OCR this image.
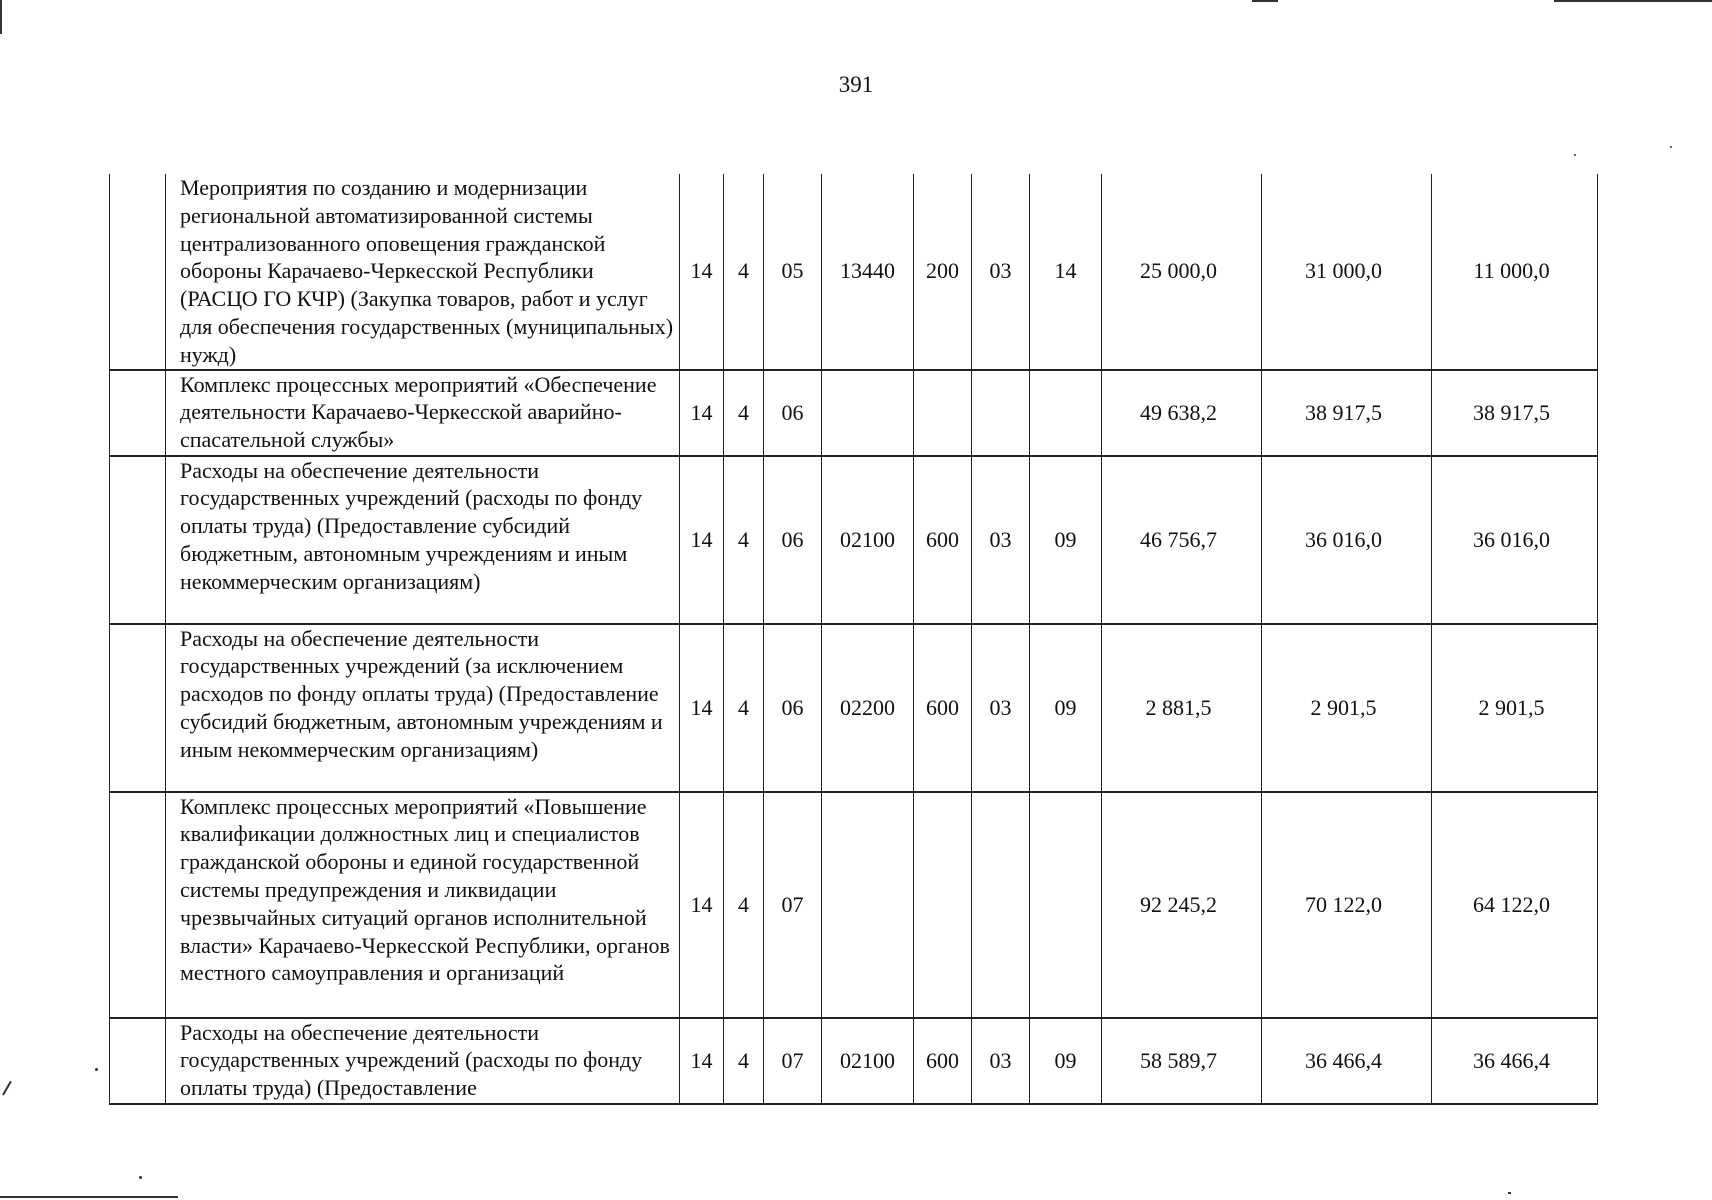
391
	Мероприятия по созданию и модернизации региональной автоматизированной системы централизованного оповещения гражданской обороны Карачаево-Черкесской Республики (РАСЦО ГО КЧР) (Закупка товаров, работ и услуг для обеспечения государственных (муниципальных) нужд)	14	4	05	13440	200	03	14	25 000,0	31 000,0	11 000,0
	Комплекс процессных мероприятий «Обеспечение деятельности Карачаево-Черкесской аварийно-спасательной службы»	14	4	06					49 638,2	38 917,5	38 917,5
	Расходы на обеспечение деятельности государственных учреждений (расходы по фонду оплаты труда) (Предоставление субсидий бюджетным, автономным учреждениям и иным некоммерческим организациям)	14	4	06	02100	600	03	09	46 756,7	36 016,0	36 016,0
	Расходы на обеспечение деятельности государственных учреждений (за исключением расходов по фонду оплаты труда) (Предоставление субсидий бюджетным, автономным учреждениям и иным некоммерческим организациям)	14	4	06	02200	600	03	09	2 881,5	2 901,5	2 901,5
	Комплекс процессных мероприятий «Повышение квалификации должностных лиц и специалистов гражданской обороны и единой государственной системы предупреждения и ликвидации чрезвычайных ситуаций органов исполнительной власти» Карачаево-Черкесской Республики, органов местного самоуправления и организаций	14	4	07					92 245,2	70 122,0	64 122,0
	Расходы на обеспечение деятельности государственных учреждений (расходы по фонду оплаты труда) (Предоставление	14	4	07	02100	600	03	09	58 589,7	36 466,4	36 466,4
